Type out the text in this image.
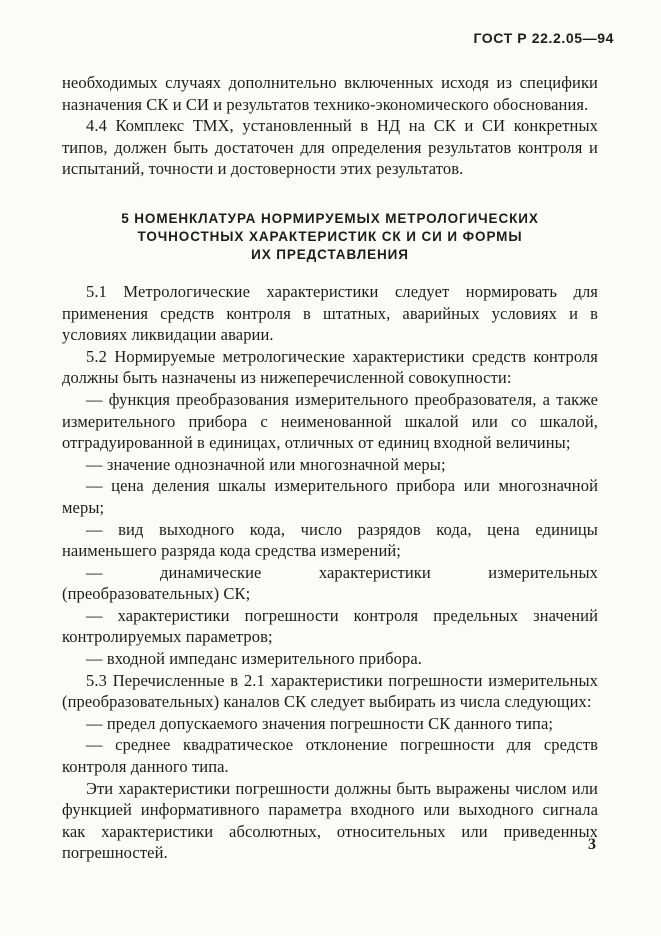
ГОСТ Р 22.2.05—94

необходимых случаях дополнительно включенных исходя из специфики назначения СК и СИ и результатов технико-экономического обоснования.

4.4 Комплекс ТМХ, установленный в НД на СК и СИ конкретных типов, должен быть достаточен для определения результатов контроля и испытаний, точности и достоверности этих результатов.

5 НОМЕНКЛАТУРА НОРМИРУЕМЫХ МЕТРОЛОГИЧЕСКИХ
ТОЧНОСТНЫХ ХАРАКТЕРИСТИК СК И СИ И ФОРМЫ
ИХ ПРЕДСТАВЛЕНИЯ

5.1 Метрологические характеристики следует нормировать для применения средств контроля в штатных, аварийных условиях и в условиях ликвидации аварии.

5.2 Нормируемые метрологические характеристики средств контроля должны быть назначены из нижеперечисленной совокупности:

— функция преобразования измерительного преобразователя, а также измерительного прибора с неименованной шкалой или со шкалой, отградуированной в единицах, отличных от единиц входной величины;

— значение однозначной или многозначной меры;

— цена деления шкалы измерительного прибора или многозначной меры;

— вид выходного кода, число разрядов кода, цена единицы наименьшего разряда кода средства измерений;

— динамические характеристики измерительных (преобразовательных) СК;

— характеристики погрешности контроля предельных значений контролируемых параметров;

— входной импеданс измерительного прибора.

5.3 Перечисленные в 2.1 характеристики погрешности измерительных (преобразовательных) каналов СК следует выбирать из числа следующих:

— предел допускаемого значения погрешности СК данного типа;

— среднее квадратическое отклонение погрешности для средств контроля данного типа.

Эти характеристики погрешности должны быть выражены числом или функцией информативного параметра входного или выходного сигнала как характеристики абсолютных, относительных или приведенных погрешностей.	3
